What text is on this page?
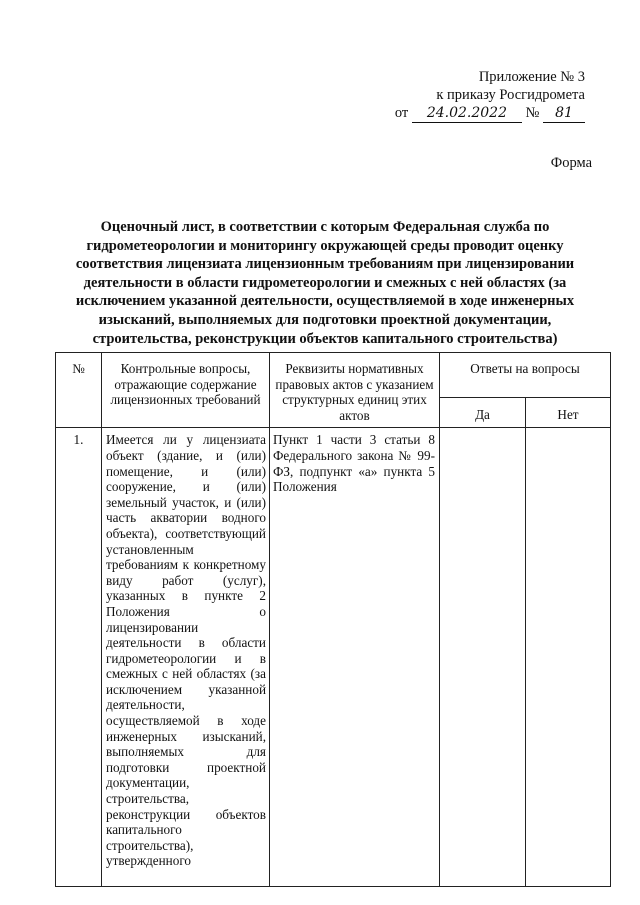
Приложение № 3
к приказу Росгидромета
от 24.02.2022 № 81
Форма
Оценочный лист, в соответствии с которым Федеральная служба по гидрометеорологии и мониторингу окружающей среды проводит оценку соответствия лицензиата лицензионным требованиям при лицензировании деятельности в области гидрометеорологии и смежных с ней областях (за исключением указанной деятельности, осуществляемой в ходе инженерных изысканий, выполняемых для подготовки проектной документации, строительства, реконструкции объектов капитального строительства)
№	Контрольные вопросы, отражающие содержание лицензионных требований	Реквизиты нормативных правовых актов с указанием структурных единиц этих актов	Ответы на вопросы	
			Да	Нет
1.	Имеется ли у лицензиата объект (здание, и (или) помещение, и (или) сооружение, и (или) земельный участок, и (или) часть акватории водного объекта), соответствующий установленным требованиям к конкретному виду работ (услуг), указанных в пункте 2 Положения о лицензировании деятельности в области гидрометеорологии и в смежных с ней областях (за исключением указанной деятельности, осуществляемой в ходе инженерных изысканий, выполняемых для подготовки проектной документации, строительства, реконструкции объектов капитального строительства), утвержденного	Пункт 1 части 3 статьи 8 Федерального закона № 99-ФЗ, подпункт «а» пункта 5 Положения		
